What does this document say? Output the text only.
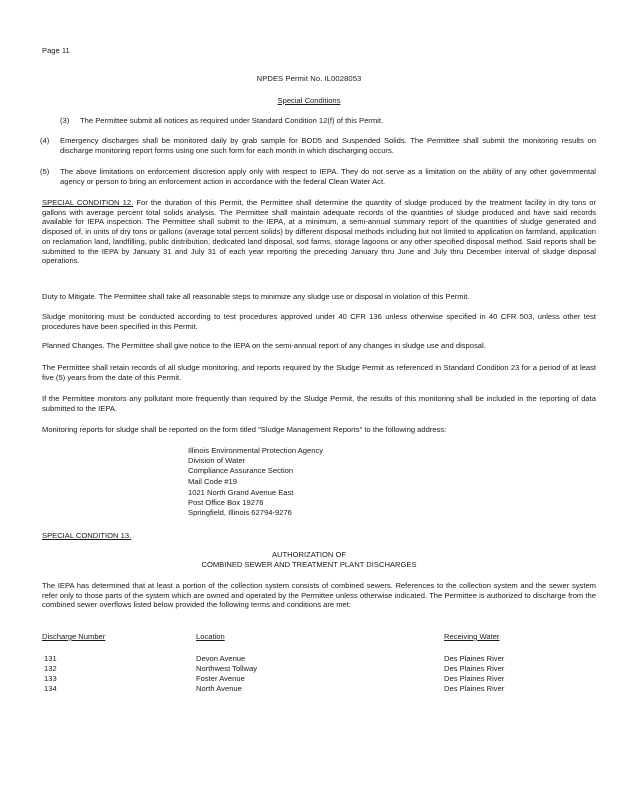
Page 11
NPDES Permit No. IL0028053
Special Conditions
(3) The Permittee submit all notices as required under Standard Condition 12(f) of this Permit.
(4) Emergency discharges shall be monitored daily by grab sample for BOD5 and Suspended Solids. The Permittee shall submit the monitoring results on discharge monitoring report forms using one such form for each month in which discharging occurs.
(5) The above limitations on enforcement discretion apply only with respect to IEPA. They do not serve as a limitation on the ability of any other governmental agency or person to bring an enforcement action in accordance with the federal Clean Water Act.
SPECIAL CONDITION 12. For the duration of this Permit, the Permittee shall determine the quantity of sludge produced by the treatment facility in dry tons or gallons with average percent total solids analysis. The Permittee shall maintain adequate records of the quantities of sludge produced and have said records available for IEPA inspection. The Permittee shall submit to the IEPA, at a minimum, a semi-annual summary report of the quantities of sludge generated and disposed of, in units of dry tons or gallons (average total percent solids) by different disposal methods including but not limited to application on farmland, application on reclamation land, landfilling, public distribution, dedicated land disposal, sod farms, storage lagoons or any other specified disposal method. Said reports shall be submitted to the IEPA by January 31 and July 31 of each year reporting the preceding January thru June and July thru December interval of sludge disposal operations.
Duty to Mitigate. The Permittee shall take all reasonable steps to minimize any sludge use or disposal in violation of this Permit.
Sludge monitoring must be conducted according to test procedures approved under 40 CFR 136 unless otherwise specified in 40 CFR 503, unless other test procedures have been specified in this Permit.
Planned Changes. The Permittee shall give notice to the IEPA on the semi-annual report of any changes in sludge use and disposal.
The Permittee shall retain records of all sludge monitoring, and reports required by the Sludge Permit as referenced in Standard Condition 23 for a period of at least five (5) years from the date of this Permit.
If the Permittee monitors any pollutant more frequently than required by the Sludge Permit, the results of this monitoring shall be included in the reporting of data submitted to the IEPA.
Monitoring reports for sludge shall be reported on the form titled "Sludge Management Reports" to the following address:
Illinois Environmental Protection Agency
Division of Water
Compliance Assurance Section
Mail Code #19
1021 North Grand Avenue East
Post Office Box 19276
Springfield, Illinois 62794-9276
SPECIAL CONDITION 13.
AUTHORIZATION OF
COMBINED SEWER AND TREATMENT PLANT DISCHARGES
The IEPA has determined that at least a portion of the collection system consists of combined sewers. References to the collection system and the sewer system refer only to those parts of the system which are owned and operated by the Permittee unless otherwise indicated. The Permittee is authorized to discharge from the combined sewer overflows listed below provided the following terms and conditions are met:
Discharge Number	Location	Receiving Water
131	Devon Avenue	Des Plaines River
132	Northwest Tollway	Des Plaines River
133	Foster Avenue	Des Plaines River
134	North Avenue	Des Plaines River
